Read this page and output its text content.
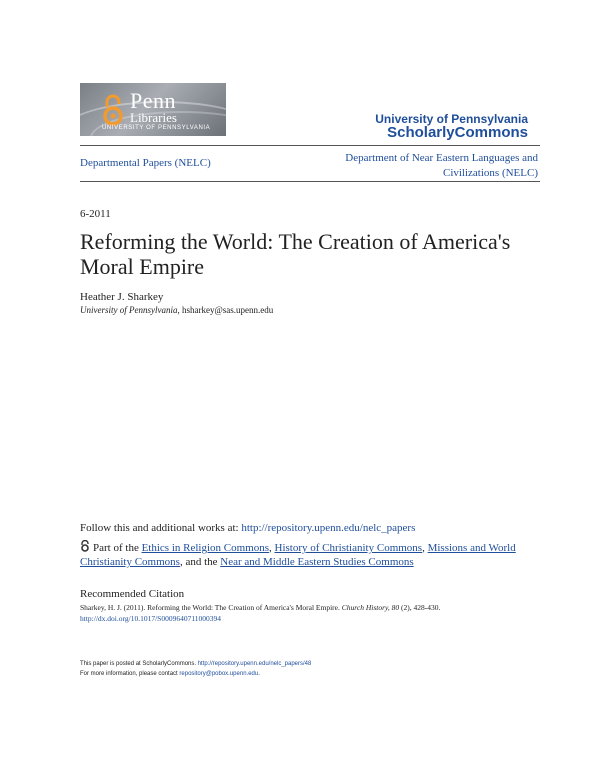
Penn
Libraries
UNIVERSITY OF PENNSYLVANIA
University of Pennsylvania
ScholarlyCommons
Departmental Papers (NELC)	Department of Near Eastern Languages and Civilizations (NELC)
6-2011
Reforming the World: The Creation of America's Moral Empire
Heather J. Sharkey
University of Pennsylvania, hsharkey@sas.upenn.edu
Follow this and additional works at: http://repository.upenn.edu/nelc_papers
Part of the Ethics in Religion Commons, History of Christianity Commons, Missions and World Christianity Commons, and the Near and Middle Eastern Studies Commons
Recommended Citation
Sharkey, H. J. (2011). Reforming the World: The Creation of America's Moral Empire. Church History, 80 (2), 428-430.
http://dx.doi.org/10.1017/S0009640711000394
This paper is posted at ScholarlyCommons. http://repository.upenn.edu/nelc_papers/48
For more information, please contact repository@pobox.upenn.edu.
